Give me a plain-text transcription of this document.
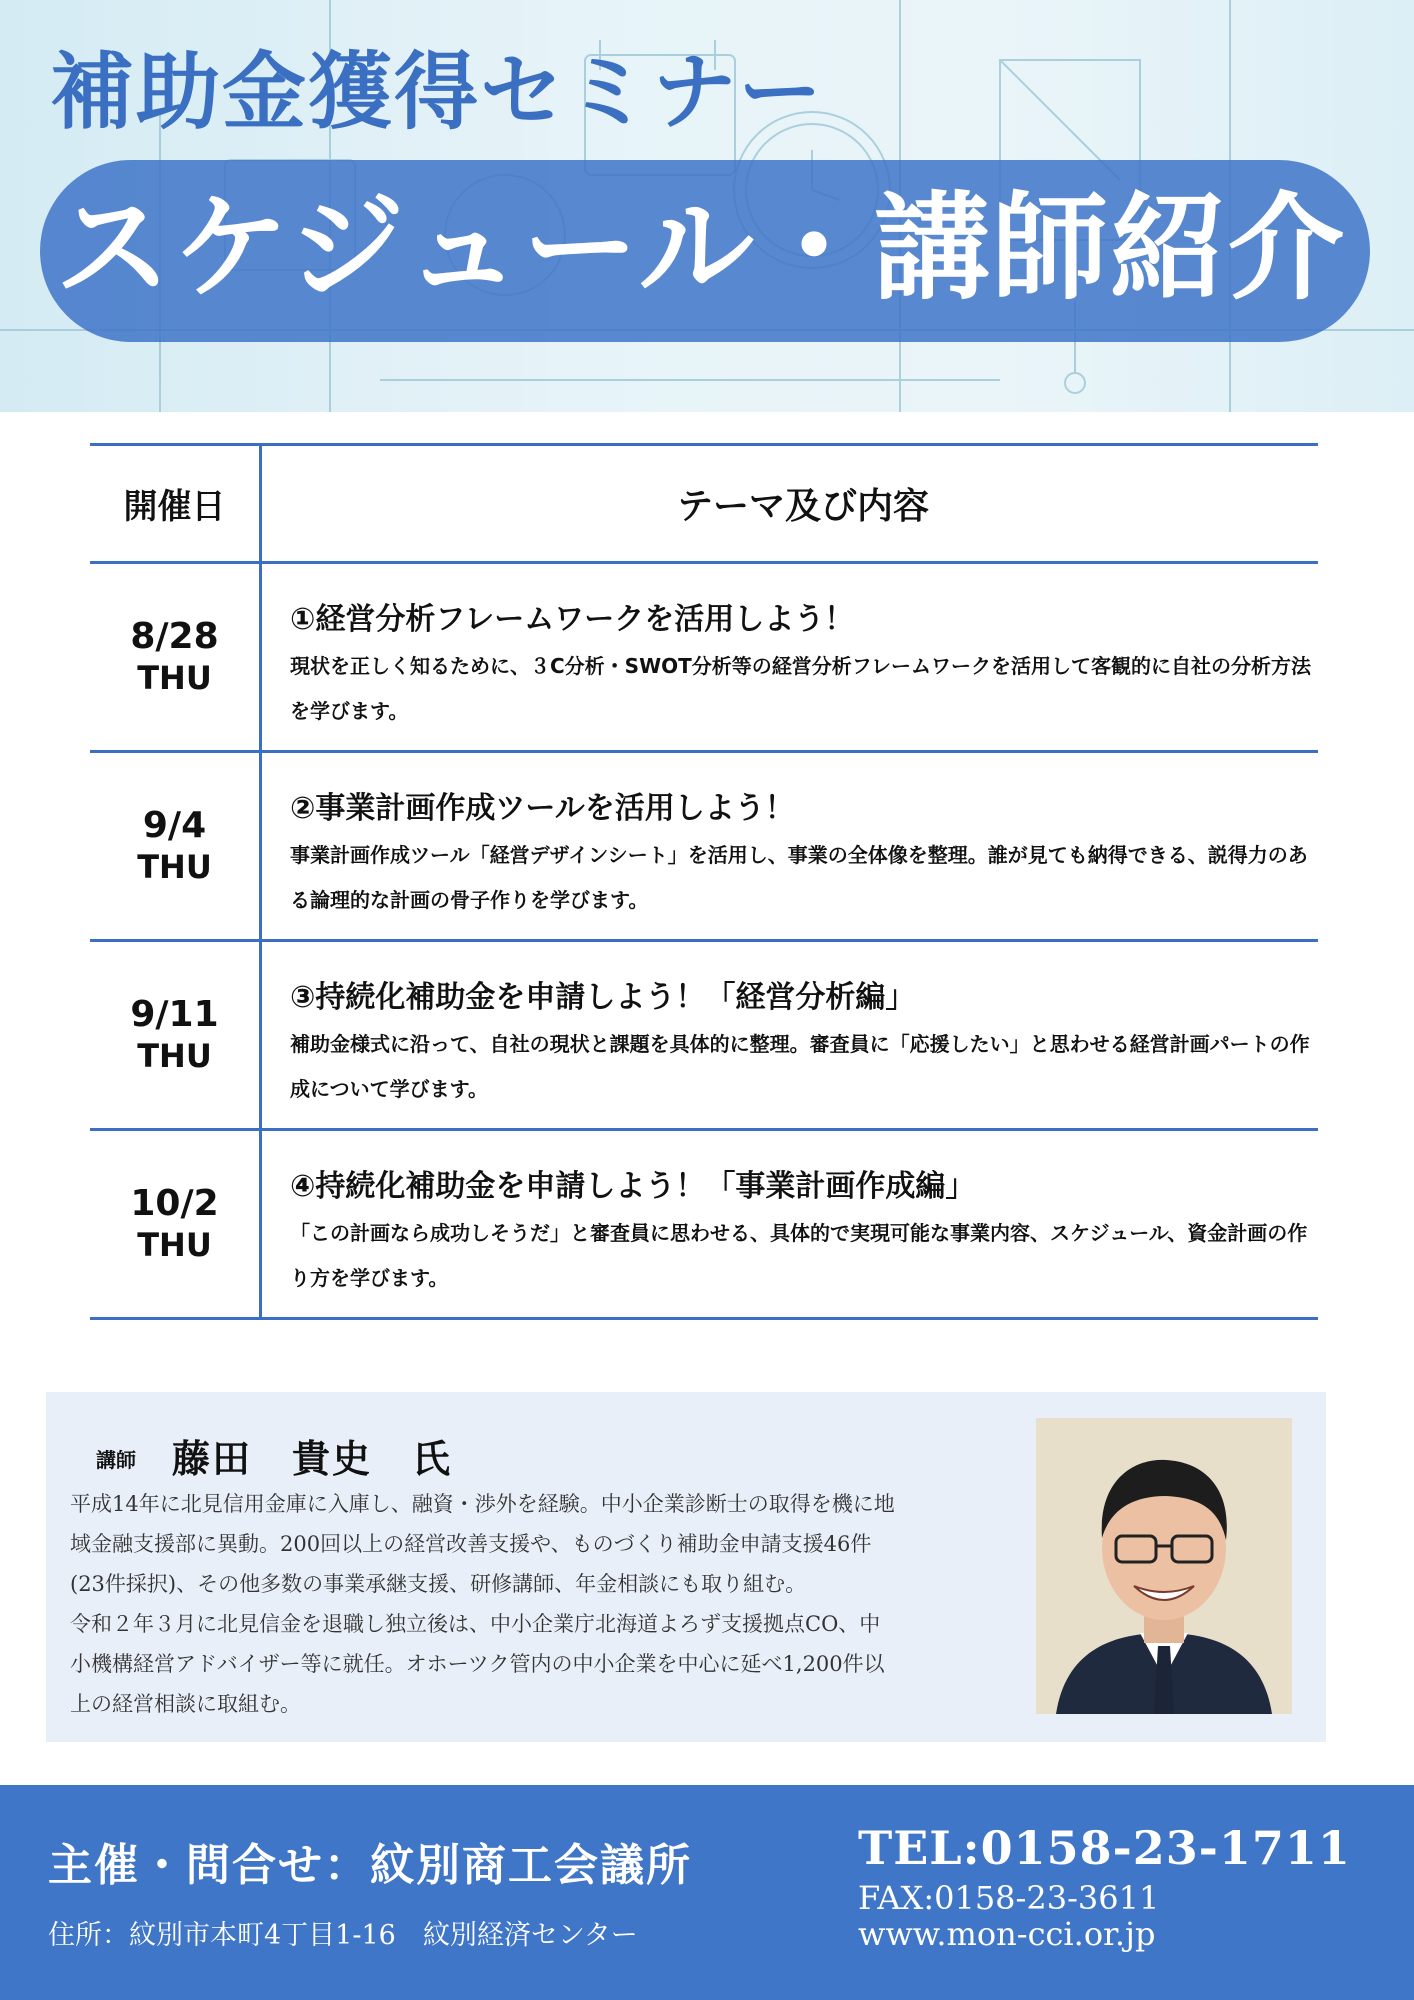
補助金獲得セミナー
スケジュール・講師紹介
開催日	テーマ及び内容
8/28
THU
①経営分析フレームワークを活用しよう！
現状を正しく知るために、３C分析・SWOT分析等の経営分析フレームワークを活用して客観的に自社の分析方法を学びます。
9/4
THU
②事業計画作成ツールを活用しよう！
事業計画作成ツール「経営デザインシート」を活用し、事業の全体像を整理。誰が見ても納得できる、説得力のある論理的な計画の骨子作りを学びます。
9/11
THU
③持続化補助金を申請しよう！「経営分析編」
補助金様式に沿って、自社の現状と課題を具体的に整理。審査員に「応援したい」と思わせる経営計画パートの作成について学びます。
10/2
THU
④持続化補助金を申請しよう！「事業計画作成編」
「この計画なら成功しそうだ」と審査員に思わせる、具体的で実現可能な事業内容、スケジュール、資金計画の作り方を学びます。
講師 藤田　貴史　氏
平成14年に北見信用金庫に入庫し、融資・渉外を経験。中小企業診断士の取得を機に地
域金融支援部に異動。200回以上の経営改善支援や、ものづくり補助金申請支援46件
(23件採択)、その他多数の事業承継支援、研修講師、年金相談にも取り組む。
令和２年３月に北見信金を退職し独立後は、中小企業庁北海道よろず支援拠点CO、中
小機構経営アドバイザー等に就任。オホーツク管内の中小企業を中心に延べ1,200件以
上の経営相談に取組む。
主催・問合せ：紋別商工会議所
住所：紋別市本町4丁目1-16　紋別経済センター
TEL:0158-23-1711
FAX:0158-23-3611
www.mon-cci.or.jp
